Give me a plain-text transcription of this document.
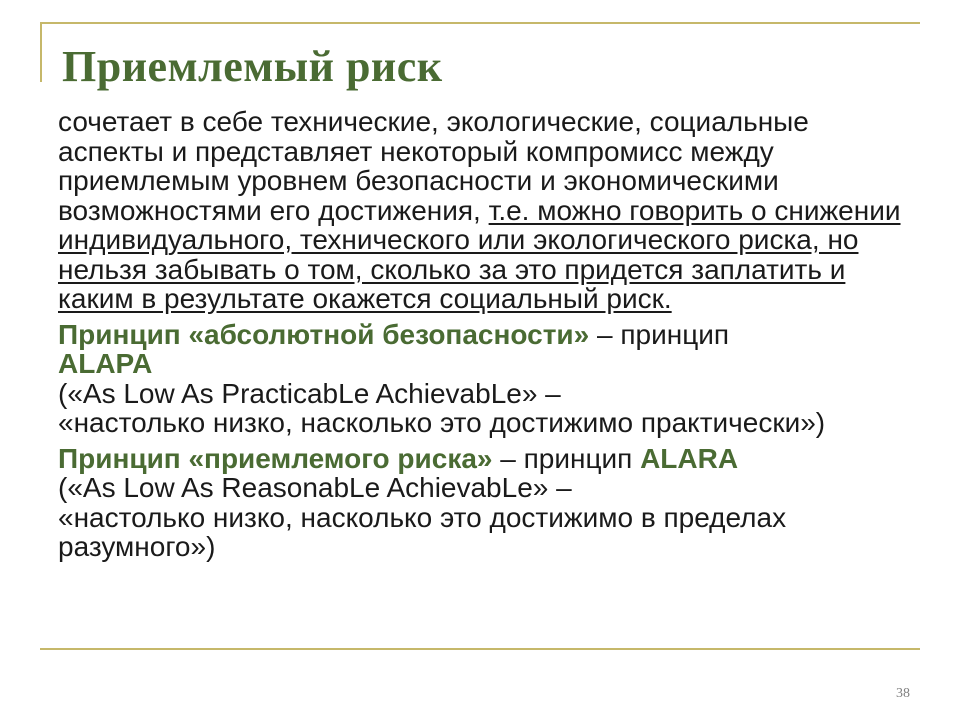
Приемлемый риск

сочетает в себе технические, экологические, социальные аспекты и представляет некоторый компромисс между приемлемым уровнем безопасности и экономическими возможностями его достижения, т.е. можно говорить о снижении индивидуального, технического или экологического риска, но нельзя забывать о том, сколько за это придется заплатить и каким в результате окажется социальный риск.

Принцип «абсолютной безопасности» – принцип
ALAPA
(«As Low As PracticabLe AchievabLe» –
«настолько низко, насколько это достижимо практически»)

Принцип «приемлемого риска» – принцип ALARA
(«As Low As ReasonabLe AchievabLe» –
«настолько низко, насколько это достижимо в пределах разумного»)

38
